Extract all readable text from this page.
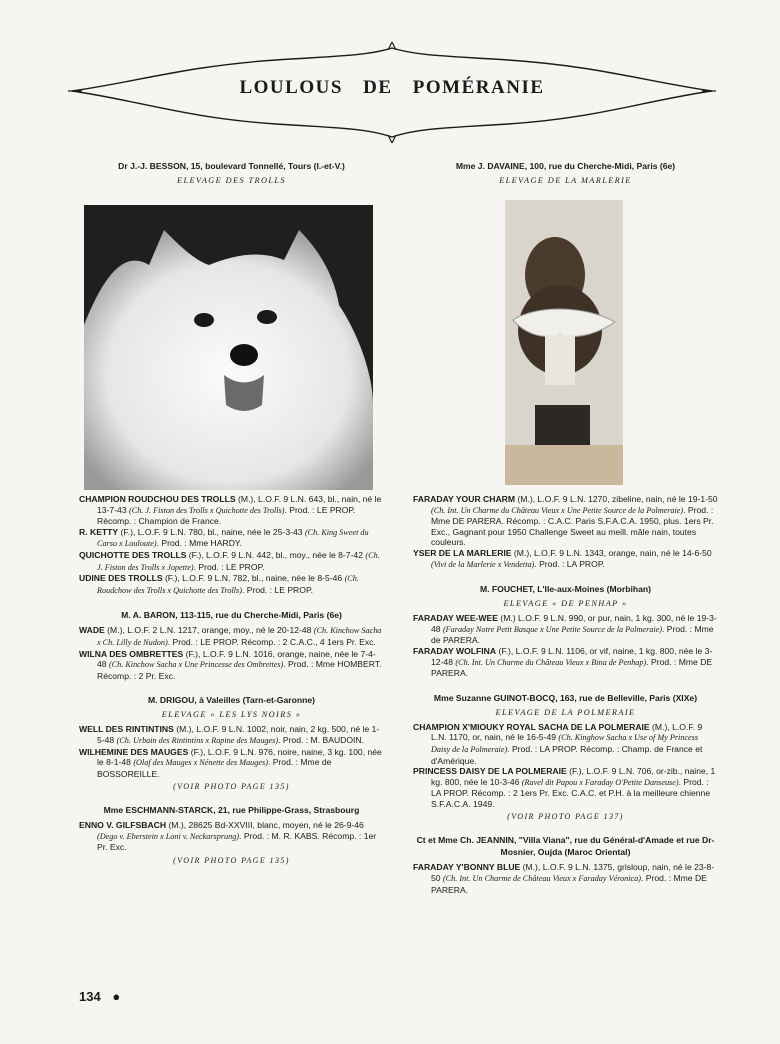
LOULOUS DE POMÉRANIE
Dr J.-J. BESSON, 15, boulevard Tonnellé, Tours (I.-et-V.)
ELEVAGE DES TROLLS

CHAMPION ROUDCHOU DES TROLLS (M.), L.O.F. 9 L.N. 643, bl., nain, né le 13-7-43 (Ch. J. Fiston des Trolls x Quichotte des Trolls). Prod. : LE PROP. Récomp. : Champion de France.

R. KETTY (F.), L.O.F. 9 L.N. 780, bl., naine, née le 25-3-43 (Ch. King Sweet du Carso x Louloute). Prod. : Mme HARDY.

QUICHOTTE DES TROLLS (F.), L.O.F. 9 L.N. 442, bl., moy., née le 8-7-42 (Ch. J. Fiston des Trolls x Jopette). Prod. : LE PROP.

UDINE DES TROLLS (F.), L.O.F. 9 L.N. 782, bl., naine, née le 8-5-46 (Ch. Roudchow des Trolls x Quichotte des Trolls). Prod. : LE PROP.

M. A. BARON, 113-115, rue du Cherche-Midi, Paris (6e)

WADE (M.), L.O.F. 2 L.N. 1217, orange, moy., né le 20-12-48 (Ch. Kinchow Sacha x Ch. Lilly de Nudon). Prod. : LE PROP. Récomp. : 2 C.A.C., 4 1ers Pr. Exc.

WILNA DES OMBRETTES (F.), L.O.F. 9 L.N. 1016, orange, naine, née le 7-4-48 (Ch. Kinchow Sacha x Une Princesse des Ombrettes). Prod. : Mme HOMBERT. Récomp. : 2 Pr. Exc.

M. DRIGOU, à Valeilles (Tarn-et-Garonne)
ELEVAGE « LES LYS NOIRS »

WELL DES RINTINTINS (M.), L.O.F. 9 L.N. 1002, noir, nain, 2 kg. 500, né le 1-5-48 (Ch. Urbain des Rintintins x Rapine des Mauges). Prod. : M. BAUDOIN.

WILHEMINE DES MAUGES (F.), L.O.F. 9 L.N. 976, noire, naine, 3 kg. 100, née le 8-1-48 (Olaf des Mauges x Nénette des Mauges). Prod. : Mme de BOSSOREILLE.

(VOIR PHOTO PAGE 135)
Mme ESCHMANN-STARCK, 21, rue Philippe-Grass, Strasbourg

ENNO V. GILFSBACH (M.), 28625 Bd-XXVIII, blanc, moyen, né le 26-9-46 (Dego v. Eberstein x Loni v. Neckarsprung). Prod. : M. R. KABS. Récomp. : 1er Pr. Exc.

(VOIR PHOTO PAGE 135)
Mme J. DAVAINE, 100, rue du Cherche-Midi, Paris (6e)
ELEVAGE DE LA MARLERIE

FARADAY YOUR CHARM (M.), L.O.F. 9 L.N. 1270, zibeline, nain, né le 19-1-50 (Ch. Int. Un Charme du Château Vieux x Une Petite Source de la Polmeraie). Prod. : Mme DE PARERA. Récomp. : C.A.C. Paris S.F.A.C.A. 1950, plus. 1ers Pr. Exc., Gagnant pour 1950 Challenge Sweet au meill. mâle nain, toutes couleurs.

YSER DE LA MARLERIE (M.), L.O.F. 9 L.N. 1343, orange, nain, né le 14-6-50 (Vivi de la Marlerie x Vendetta). Prod. : LA PROP.

M. FOUCHET, L'Ile-aux-Moines (Morbihan)
ELEVAGE « DE PENHAP »

FARADAY WEE-WEE (M.) L.O.F. 9 L.N. 990, or pur, nain, 1 kg. 300, né le 19-3-48 (Faraday Notre Petit Basque x Une Petite Source de la Polmeraie). Prod. : Mme de PARERA.

FARADAY WOLFINA (F.), L.O.F. 9 L.N. 1106, or vif, naine, 1 kg. 800, née le 3-12-48 (Ch. Int. Un Charme du Château Vieux x Bina de Penhap). Prod. : Mme DE PARERA.

Mme Suzanne GUINOT-BOCQ, 163, rue de Belleville, Paris (XIXe)
ELEVAGE DE LA POLMERAIE

CHAMPION X'MIOUKY ROYAL SACHA DE LA POLMERAIE (M.), L.O.F. 9 L.N. 1170, or, nain, né le 16-5-49 (Ch. Kinghow Sacha x Use of My Princess Daisy de la Polmeraie). Prod. : LA PROP. Récomp. : Champ. de France et d'Amérique.

PRINCESS DAISY DE LA POLMERAIE (F.), L.O.F. 9 L.N. 706, or-zib., naine, 1 kg. 800, née le 10-3-46 (Ravel dit Papou x Faraday O'Petite Danseuse). Prod. : LA PROP. Récomp. : 2 1ers Pr. Exc. C.A.C. et P.H. à la meilleure chienne S.F.A.C.A. 1949.

(VOIR PHOTO PAGE 137)
Ct et Mme Ch. JEANNIN, "Villa Viana", rue du Général-d'Amade et rue Dr-Mosnier, Oujda (Maroc Oriental)

FARADAY Y'BONNY BLUE (M.), L.O.F. 9 L.N. 1375, grisloup, nain, né le 23-8-50 (Ch. Int. Un Charme de Château Vieux x Faraday Véronica). Prod. : Mme DE PARERA.

134 ●
